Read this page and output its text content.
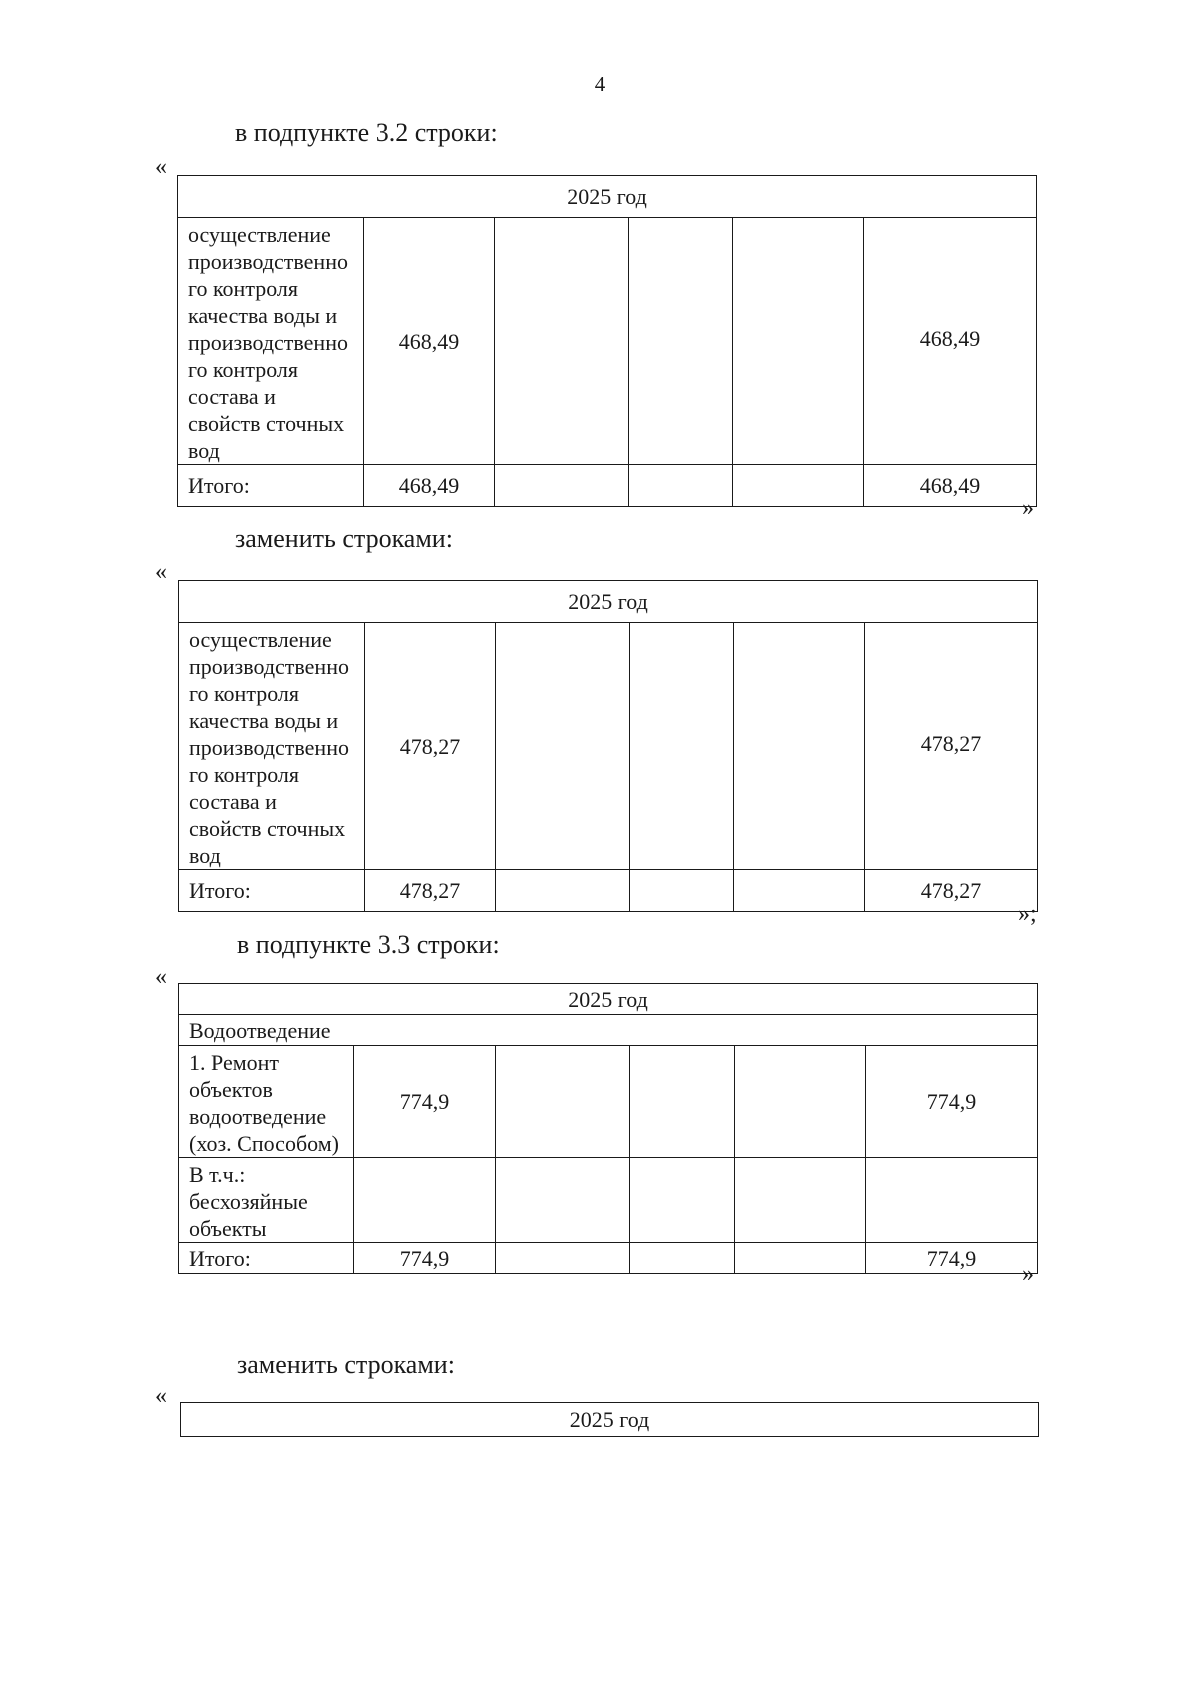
4
в подпункте 3.2 строки:
«
2025 год					
осуществление производственно го контроля качества воды и производственно го контроля состава и свойств сточных вод	468,49				468,49
Итого:	468,49				468,49
»
заменить строками:
«
2025 год					
осуществление производственно го контроля качества воды и производственно го контроля состава и свойств сточных вод	478,27				478,27
Итого:	478,27				478,27
»;
в подпункте 3.3 строки:
«
2025 год					
Водоотведение					
1. Ремонт объектов водоотведение (хоз. Способом)	774,9				774,9
В т.ч.: бесхозяйные объекты					
Итого:	774,9				774,9
»
заменить строками:
«
2025 год
